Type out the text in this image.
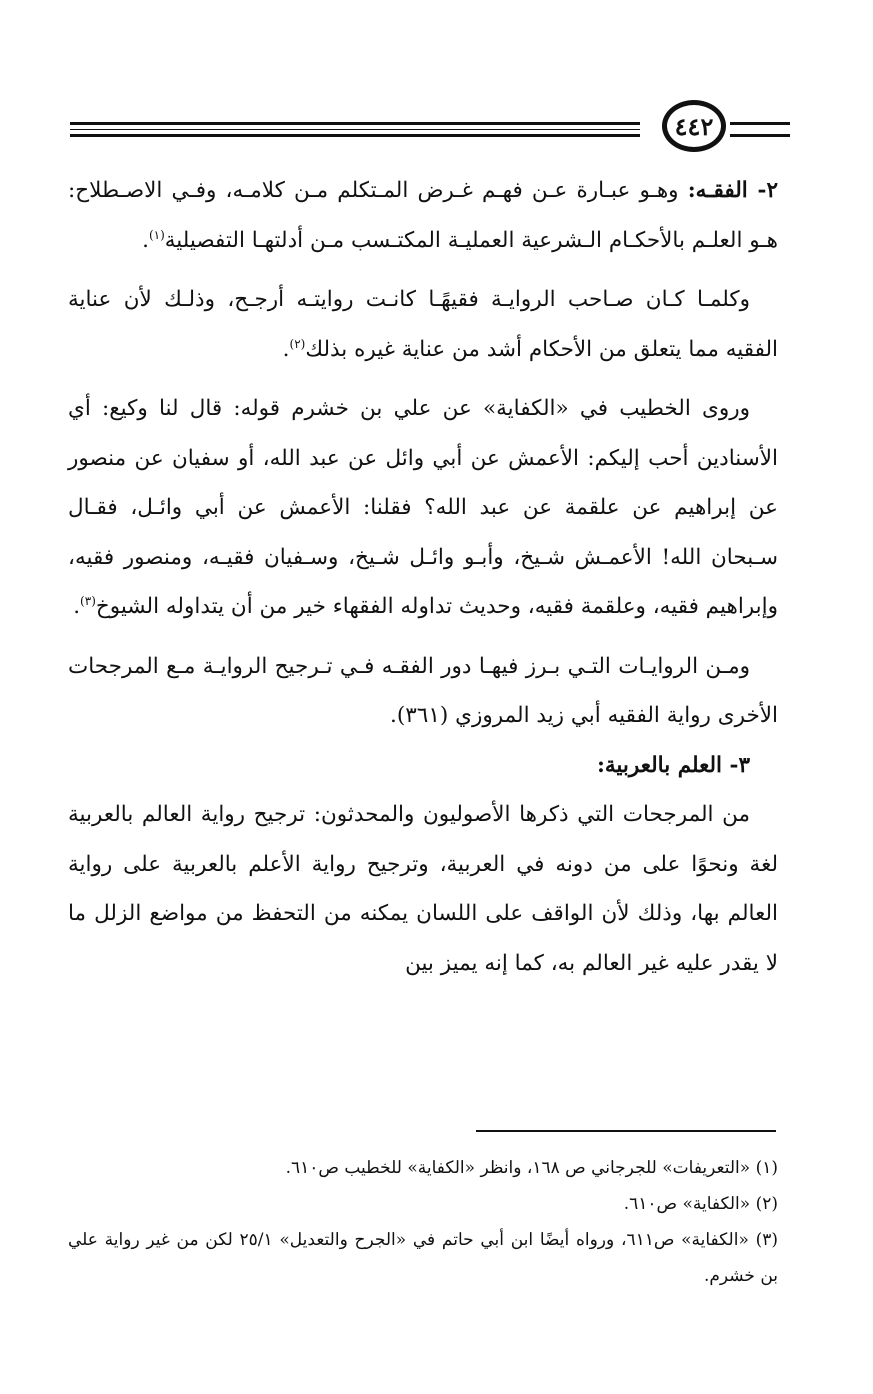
٤٤٢

٢- الفقـه: وهـو عبـارة عـن فهـم غـرض المـتكلم مـن كلامـه، وفـي الاصـطلاح: هـو العلـم بالأحكـام الـشرعية العمليـة المكتـسب مـن أدلتهـا التفصيلية$^{(١)}$.

وكلمـا كـان صـاحب الروايـة فقيهًـا كانـت روايتـه أرجـح، وذلـك لأن عناية الفقيه مما يتعلق من الأحكام أشد من عناية غيره بذلك$^{(٢)}$.

وروى الخطيب في «الكفاية» عن علي بن خشرم قوله: قال لنا وكيع: أي الأسنادين أحب إليكم: الأعمش عن أبي وائل عن عبد الله، أو سفيان عن منصور عن إبراهيم عن علقمة عن عبد الله؟ فقلنا: الأعمش عن أبي وائـل، فقـال سـبحان الله! الأعمـش شـيخ، وأبـو وائـل شـيخ، وسـفيان فقيـه، ومنصور فقيه، وإبراهيم فقيه، وعلقمة فقيه، وحديث تداوله الفقهاء خير من أن يتداوله الشيوخ$^{(٣)}$.

ومـن الروايـات التـي بـرز فيهـا دور الفقـه فـي تـرجيح الروايـة مـع المرجحات الأخرى رواية الفقيه أبي زيد المروزي (٣٦١).

٣- العلم بالعربية:

من المرجحات التي ذكرها الأصوليون والمحدثون: ترجيح رواية العالم بالعربية لغة ونحوًا على من دونه في العربية، وترجيح رواية الأعلم بالعربية على رواية العالم بها، وذلك لأن الواقف على اللسان يمكنه من التحفظ من مواضع الزلل ما لا يقدر عليه غير العالم به، كما إنه يميز بين

(١) «التعريفات» للجرجاني ص ١٦٨، وانظر «الكفاية» للخطيب ص٦١٠.

(٢) «الكفاية» ص٦١٠.

(٣) «الكفاية» ص٦١١، ورواه أيضًا ابن أبي حاتم في «الجرح والتعديل» ٢٥/١ لكن من غير رواية علي بن خشرم.
